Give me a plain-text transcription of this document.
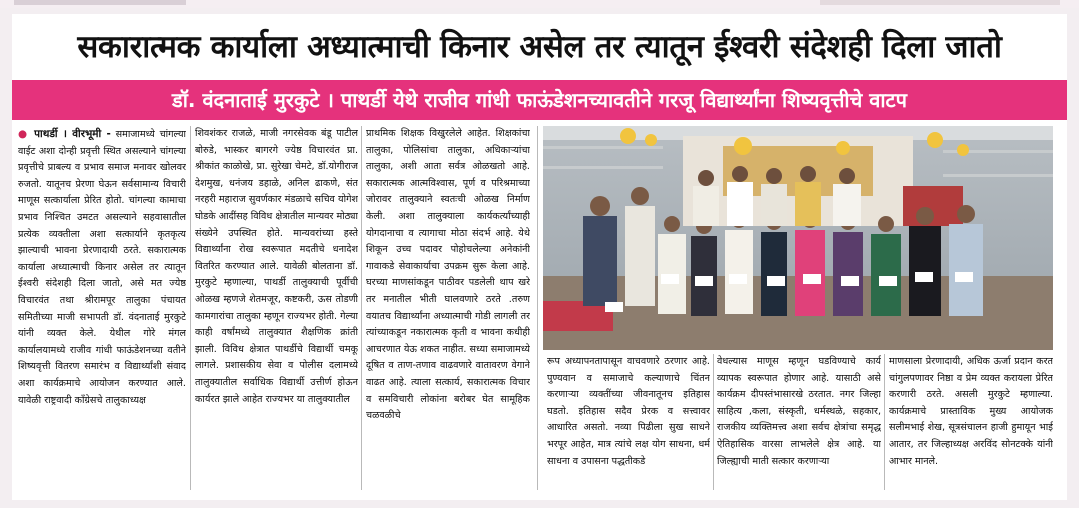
सकारात्मक कार्याला अध्यात्माची किनार असेल तर त्यातून ईश्वरी संदेशही दिला जातो
डॉ. वंदनाताई मुरकुटे । पाथर्डी येथे राजीव गांधी फाऊंडेशनच्यावतीने गरजू विद्यार्थ्यांना शिष्यवृत्तीचे वाटप
● पाथर्डी । वीरभूमी - समाजामध्ये चांगल्या वाईट अशा दोन्ही प्रवृत्ती स्थित असल्याने चांगल्या प्रवृत्तीचे प्राबल्य व प्रभाव समाज मनावर खोलवर रुजतो. यातूनच प्रेरणा घेऊन सर्वसामान्य विचारी माणूस सत्कार्याला प्रेरित होतो. चांगल्या कामाचा प्रभाव निश्चित उमटत असल्याने सहवासातील प्रत्येक व्यक्तीला अशा सत्कार्याने कृतकृत्य झाल्याची भावना प्रेरणादायी ठरते. सकारात्मक कार्याला अध्यात्माची किनार असेल तर त्यातून ईश्वरी संदेशही दिला जातो, असे मत ज्येष्ठ विचारवंत तथा श्रीरामपूर तालुका पंचायत समितीच्या माजी सभापती डॉ. वंदनाताई मुरकुटे यांनी व्यक्त केले. येथील गोरे मंगल कार्यालयामध्ये राजीव गांधी फाऊंडेशनच्या वतीने शिष्यवृत्ती वितरण समारंभ व विद्यार्थ्यांशी संवाद अशा कार्यक्रमाचे आयोजन करण्यात आले. यावेळी राष्ट्रवादी काँग्रेसचे तालुकाध्यक्ष
शिवशंकर राजळे, माजी नगरसेवक बंडू पाटील बोरुडे, भास्कर बागरगे ज्येष्ठ विचारवंत प्रा. श्रीकांत काळोखे, प्रा. सुरेखा चेमटे, डॉ.योगीराज देशमुख, धनंजय डहाळे, अनिल ढाकणे, संत नरहरी महाराज सुवर्णकार मंडळाचे सचिव योगेश घोडके आदींसह विविध क्षेत्रातील मान्यवर मोठ्या संख्येने उपस्थित होते. मान्यवरांच्या हस्ते विद्यार्थ्यांना रोख स्वरूपात मदतीचे धनादेश वितरित करण्यात आले. यावेळी बोलताना डॉ. मुरकुटे म्हणाल्या, पाथर्डी तालुक्याची पूर्वीची ओळख म्हणजे शेतमजूर, कष्टकरी, ऊस तोडणी कामगारांचा तालुका म्हणून राज्यभर होती. गेल्या काही वर्षांमध्ये तालुक्यात शैक्षणिक क्रांती झाली. विविध क्षेत्रात पाथर्डीचे विद्यार्थी चमकू लागले. प्रशासकीय सेवा व पोलीस दलामध्ये तालुक्यातील सर्वाधिक विद्यार्थी उत्तीर्ण होऊन कार्यरत झाले आहेत राज्यभर या तालुक्यातील
प्राथमिक शिक्षक विखुरलेले आहेत. शिक्षकांचा तालुका, पोलिसांचा तालुका, अधिकाऱ्यांचा तालुका, अशी आता सर्वत्र ओळखतो आहे. सकारात्मक आत्मविश्वास, पूर्ण व परिश्रमाच्या जोरावर तालुक्याने स्वतःची ओळख निर्माण केली. अशा तालुक्याला कार्यकर्त्यांच्याही योगदानाचा व त्यागाचा मोठा संदर्भ आहे. येथे शिकून उच्च पदावर पोहोचलेल्या अनेकांनी गावाकडे सेवाकार्याचा उपक्रम सुरू केला आहे. घरच्या माणसांकडून पाठीवर पडलेली थाप खरे तर मनातील भीती घालवणारे ठरते .तरुण वयातच विद्यार्थ्यांना अध्यात्माची गोडी लागली तर त्यांच्याकडून नकारात्मक कृती व भावना कधीही आचरणात येऊ शकत नाहीत. सध्या समाजामध्ये दूषित व ताण-तणाव वाढवणारे वातावरण वेगाने वाढत आहे. त्याला सत्कार्य, सकारात्मक विचार व समविचारी लोकांना बरोबर घेत सामूहिक चळवळीचे
रूप अध्यापनतापासून वाचवणारे ठरणार आहे. पुण्यवान व समाजाचे कल्याणाचे चिंतन करणाऱ्या व्यक्तींच्या जीवनातूनच इतिहास घडतो. इतिहास सदैव प्रेरक व सत्त्वावर आधारित असतो. नव्या पिढीला सुख साधने भरपूर आहेत, मात्र त्यांचे लक्ष योग साधना, धर्म साधना व उपासना पद्धतीकडे
वेधल्यास माणूस म्हणून घडविण्याचे कार्य व्यापक स्वरूपात होणार आहे. यासाठी असे कार्यक्रम दीपस्तंभासारखे ठरतात. नगर जिल्हा साहित्य ,कला, संस्कृती, धर्मस्थळे, सहकार, राजकीय व्यक्तिमत्त्व अशा सर्वच क्षेत्रांचा समृद्ध ऐतिहासिक वारसा लाभलेले क्षेत्र आहे. या जिल्ह्याची माती सत्कार करणाऱ्या
माणसाला प्रेरणादायी, अधिक ऊर्जा प्रदान करत चांगुलपणावर निष्ठा व प्रेम व्यक्त करायला प्रेरित करणारी ठरते. असली मुरकुटे म्हणाल्या. कार्यक्रमाचे प्रास्ताविक मुख्य आयोजक सलीमभाई शेख, सूत्रसंचालन हाजी हुमायून भाई आतार, तर जिल्हाध्यक्ष अरविंद सोनटक्के यांनी आभार मानले.
